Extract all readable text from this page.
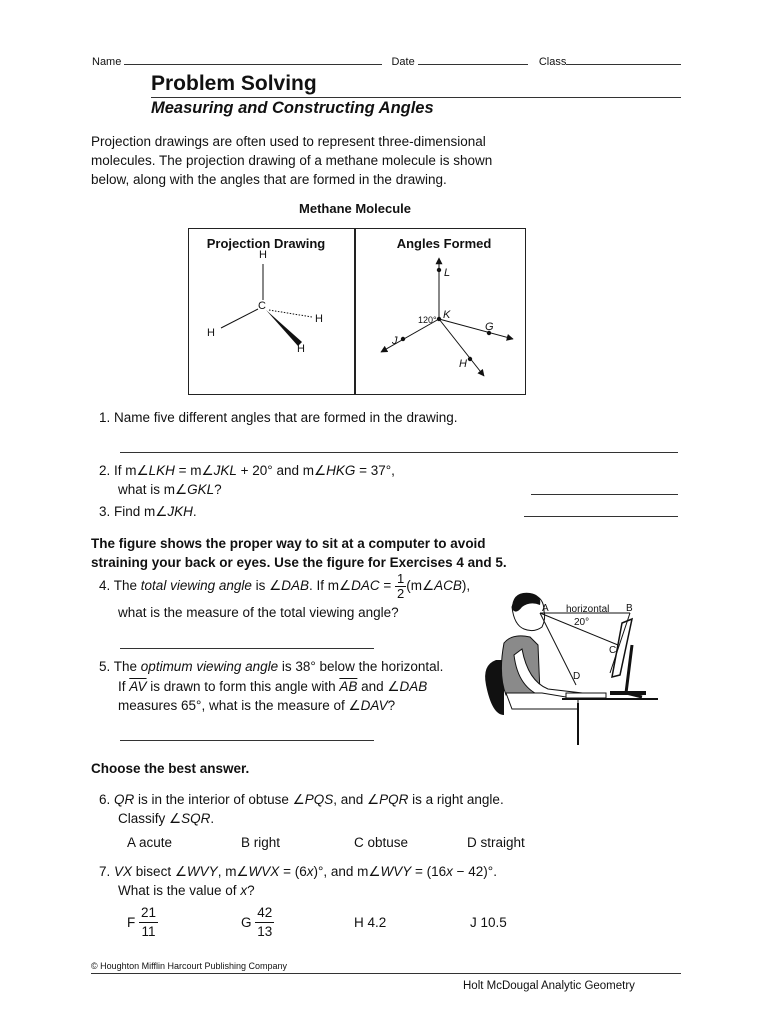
Name	Date	Class
Problem Solving
Measuring and Constructing Angles
Projection drawings are often used to represent three-dimensional
molecules. The projection drawing of a methane molecule is shown
below, along with the angles that are formed in the drawing.
Methane Molecule
Projection Drawing	Angles Formed
H
C
H
H
H
L
K
G
J
H
120°
1. Name five different angles that are formed in the drawing.
2. If m∠LKH = m∠JKL + 20° and m∠HKG = 37°,
what is m∠GKL?
3. Find m∠JKH.
The figure shows the proper way to sit at a computer to avoid
straining your back or eyes. Use the figure for Exercises 4 and 5.
4. The total viewing angle is ∠DAB. If m∠DAC = $\frac{1}{2}$ (m∠ACB),
what is the measure of the total viewing angle?
5. The optimum viewing angle is 38° below the horizontal.
If $\overline{AV}$ is drawn to form this angle with $\overline{AB}$ and ∠DAB
measures 65°, what is the measure of ∠DAV?
A	B
C
D
horizontal
20°
Choose the best answer.
6. QR is in the interior of obtuse ∠PQS, and ∠PQR is a right angle.
Classify ∠SQR.
A acute	B right	C obtuse	D straight
7. VX bisect ∠WVY, m∠WVX = (6x)°, and m∠WVY = (16x − 42)°.
What is the value of x?
F $\frac{21}{11}$	G $\frac{42}{13}$	H 4.2	J 10.5
© Houghton Mifflin Harcourt Publishing Company
Holt McDougal Analytic Geometry
